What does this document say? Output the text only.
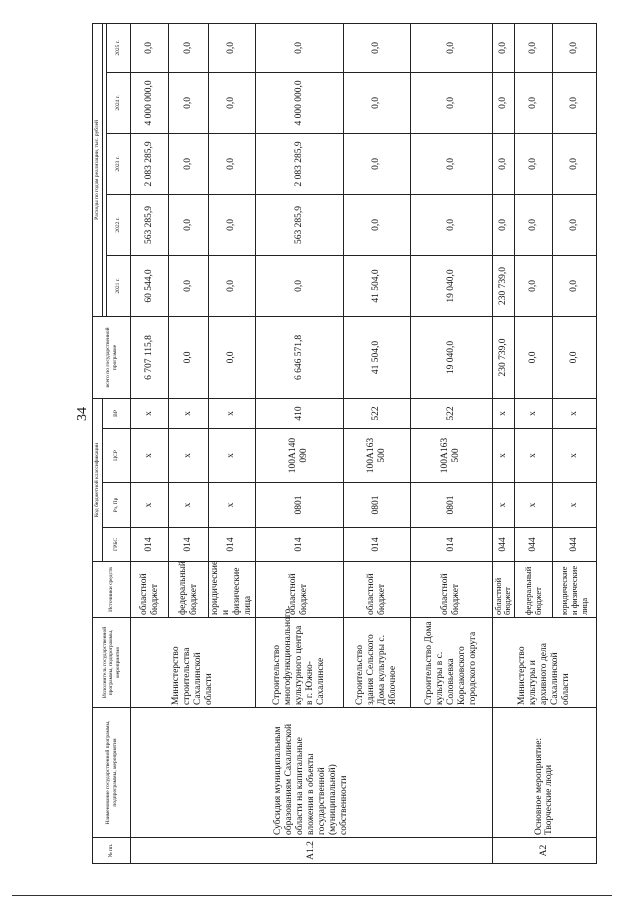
34
№ пп.	Наименование государственной программы, подпрограммы, мероприятия	Исполнитель государственной программы, подпрограммы, мероприятия	Источники средств	Код бюджетной классификации				всего по государственной программе	Расходы по годам реализации, тыс. рублей				
				ГРБС	Рз, Пр	ЦСР	ВР						
									2021 г.	2022 г.	2023 г.	2024 г.	2025 г.
А1.2	Субсидия муниципальным образованиям Сахалинской области на капитальные вложения в объекты государственной (муниципальной) собственности	Министерство строительства Сахалинской области	областной бюджет	014	х	х	х	6 707 115,8	60 544,0	563 285,9	2 083 285,9	4 000 000,0	0,0
			федеральный бюджет	014	х	х	х	0,0	0,0	0,0	0,0	0,0	0,0
			юридические и физические лица	014	х	х	х	0,0	0,0	0,0	0,0	0,0	0,0
		Строительство многофункционального культурного центра в г. Южно-Сахалинске	областной бюджет	014	0801	100A140 090	410	6 646 571,8	0,0	563 285,9	2 083 285,9	4 000 000,0	0,0
		Строительство здания Сельского Дома культуры с. Яблочное	областной бюджет	014	0801	100A163 500	522	41 504,0	41 504,0	0,0	0,0	0,0	0,0
		Строительство Дома культуры в с. Соловьевка Корсаковского городского округа	областной бюджет	014	0801	100A163 500	522	19 040,0	19 040,0	0,0	0,0	0,0	0,0
А2	Основное мероприятие: Творческие люди	Министерство культуры и архивного дела Сахалинской области	областной бюджет	044	х	х	х	230 739,0	230 739,0	0,0	0,0	0,0	0,0
			федеральный бюджет	044	х	х	х	0,0	0,0	0,0	0,0	0,0	0,0
			юридические и физические лица	044	х	х	х	0,0	0,0	0,0	0,0	0,0	0,0
